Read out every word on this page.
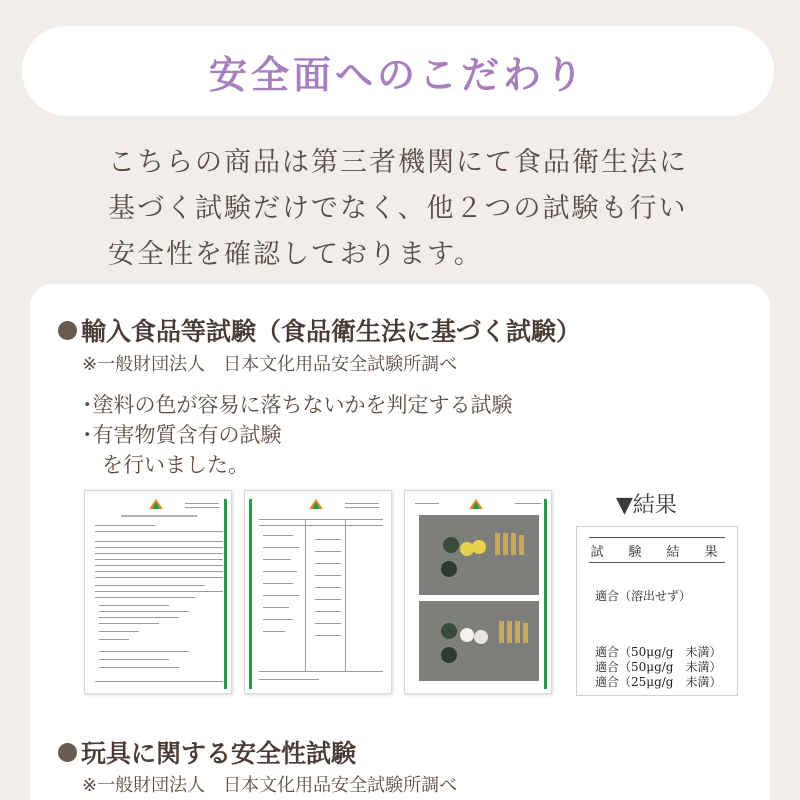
安全面へのこだわり
こちらの商品は第三者機関にて食品衛生法に
基づく試験だけでなく、他２つの試験も行い
安全性を確認しております。
輸入食品等試験（食品衛生法に基づく試験）
※一般財団法人　日本文化用品安全試験所調べ
･塗料の色が容易に落ちないかを判定する試験
･有害物質含有の試験
を行いました。
▼結果
試　験　結　果
適合（溶出せず）
適合（50μg/g　未満）
適合（50μg/g　未満）
適合（25μg/g　未満）
玩具に関する安全性試験
※一般財団法人　日本文化用品安全試験所調べ
